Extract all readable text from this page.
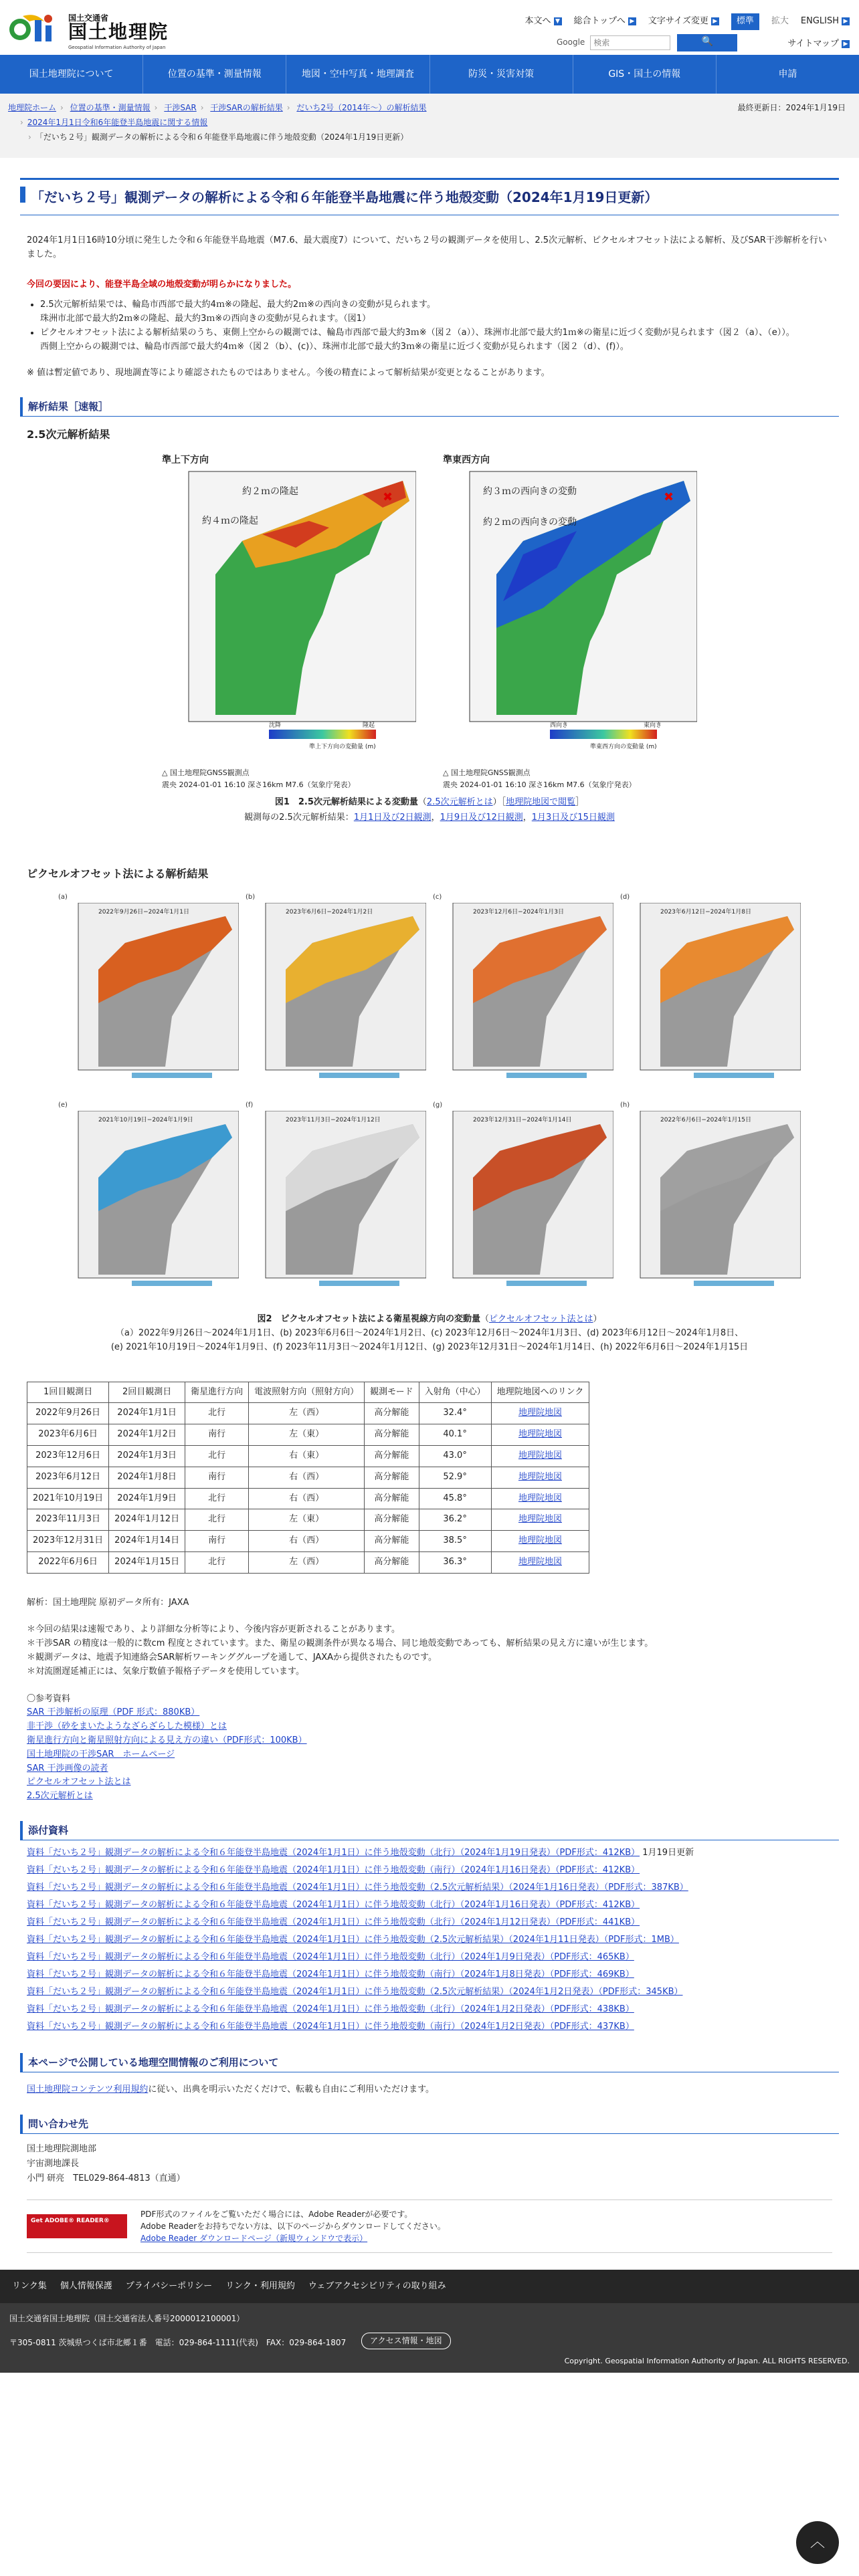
国土交通省
国土地理院
Geospatial Information Authority of Japan
本文へ ▼ 総合トップへ ▶ 文字サイズ変更 ▶	標準	拡大 ENGLISH ▶
Google
検索	🔍	サイトマップ ▶
国土地理院について	位置の基準・測量情報	地図・空中写真・地理調査	防災・災害対策	GIS・国土の情報	申請
地理院ホーム › 位置の基準・測量情報 › 干渉SAR › 干渉SARの解析結果 › だいち2号（2014年〜）の解析結果
› 2024年1月1日令和6年能登半島地震に関する情報
› 「だいち２号」観測データの解析による令和６年能登半島地震に伴う地殻変動（2024年1月19日更新）
最終更新日：2024年1月19日
「だいち２号」観測データの解析による令和６年能登半島地震に伴う地殻変動（2024年1月19日更新）

2024年1月1日16時10分頃に発生した令和６年能登半島地震（M7.6、最大震度7）について、だいち２号の観測データを使用し、2.5次元解析、ピクセルオフセット法による解析、及びSAR干渉解析を行いました。

今回の要因により、能登半島全域の地殻変動が明らかになりました。

• 2.5次元解析結果では、輪島市西部で最大約4ｍ※の隆起、最大約2ｍ※の西向きの変動が見られます。
珠洲市北部で最大約2ｍ※の隆起、最大約3ｍ※の西向きの変動が見られます。（図1）
• ピクセルオフセット法による解析結果のうち、東側上空からの観測では、輪島市西部で最大約3ｍ※（図２（a））、珠洲市北部で最大約1ｍ※の衛星に近づく変動が見られます（図２（a）、（e））。
西側上空からの観測では、輪島市西部で最大約4ｍ※（図２（b）、(c)）、珠洲市北部で最大約3ｍ※の衛星に近づく変動が見られます（図２（d）、(f)）。

※ 値は暫定値であり、現地調査等により確認されたものではありません。今後の精査によって解析結果が変更となることがあります。

解析結果［速報］
2.5次元解析結果
準上下方向
約２ｍの隆起
約４ｍの隆起
✖
準上下方向の変動量 (m)
沈降	隆起
△ 国土地理院GNSS観測点
震央 2024-01-01 16:10 深さ16km M7.6（気象庁発表）
準東西方向
約３ｍの西向きの変動
約２ｍの西向きの変動
✖
準東西方向の変動量 (m)
西向き	東向き
△ 国土地理院GNSS観測点
震央 2024-01-01 16:10 深さ16km M7.6（気象庁発表）
図1　2.5次元解析結果による変動量（2.5次元解析とは）［地理院地図で閲覧］
観測毎の2.5次元解析結果：1月1日及び2日観測，1月9日及び12日観測，1月3日及び15日観測
ピクセルオフセット法による解析結果
(a)
2022年9月26日−2024年1月1日
(b)
2023年6月6日−2024年1月2日
(c)
2023年12月6日−2024年1月3日
(d)
2023年6月12日−2024年1月8日
(e)
2021年10月19日−2024年1月9日
(f)
2023年11月3日−2024年1月12日
(g)
2023年12月31日−2024年1月14日
(h)
2022年6月6日−2024年1月15日
図2　ピクセルオフセット法による衛星視線方向の変動量（ピクセルオフセット法とは）
（a）2022年9月26日〜2024年1月1日、(b) 2023年6月6日〜2024年1月2日、(c) 2023年12月6日〜2024年1月3日、(d) 2023年6月12日〜2024年1月8日、
(e) 2021年10月19日〜2024年1月9日、(f) 2023年11月3日〜2024年1月12日、(g) 2023年12月31日〜2024年1月14日、(h) 2022年6月6日〜2024年1月15日
1回目観測日	2回目観測日	衛星進行方向	電波照射方向（照射方向）	観測モード	入射角（中心）	地理院地図へのリンク
2022年9月26日	2024年1月1日	北行	左（西）	高分解能	32.4°	地理院地図
2023年6月6日	2024年1月2日	南行	左（東）	高分解能	40.1°	地理院地図
2023年12月6日	2024年1月3日	北行	右（東）	高分解能	43.0°	地理院地図
2023年6月12日	2024年1月8日	南行	右（西）	高分解能	52.9°	地理院地図
2021年10月19日	2024年1月9日	北行	右（西）	高分解能	45.8°	地理院地図
2023年11月3日	2024年1月12日	北行	左（東）	高分解能	36.2°	地理院地図
2023年12月31日	2024年1月14日	南行	右（西）	高分解能	38.5°	地理院地図
2022年6月6日	2024年1月15日	北行	左（西）	高分解能	36.3°	地理院地図

解析：国土地理院 原初データ所有：JAXA

＊今回の結果は速報であり、より詳細な分析等により、今後内容が更新されることがあります。
＊干渉SAR の精度は一般的に数cm 程度とされています。また、衛星の観測条件が異なる場合、同じ地殻変動であっても、解析結果の見え方に違いが生じます。
＊観測データは、地震予知連絡会SAR解析ワーキンググループを通して、JAXAから提供されたものです。
＊対流圏遅延補正には、気象庁数値予報格子データを使用しています。
〇参考資料
SAR 干渉解析の原理（PDF 形式：880KB）
非干渉（砂をまいたようなざらざらした模様）とは
衛星進行方向と衛星照射方向による見え方の違い（PDF形式：100KB）
国土地理院の干渉SAR　ホームページ
SAR 干渉画像の読者
ピクセルオフセット法とは
2.5次元解析とは
添付資料
資料「だいち２号」観測データの解析による令和６年能登半島地震（2024年1月1日）に伴う地殻変動（北行）（2024年1月19日発表）（PDF形式：412KB） 1月19日更新
資料「だいち２号」観測データの解析による令和６年能登半島地震（2024年1月1日）に伴う地殻変動（南行）（2024年1月16日発表）（PDF形式：412KB）
資料「だいち２号」観測データの解析による令和６年能登半島地震（2024年1月1日）に伴う地殻変動（2.5次元解析結果）（2024年1月16日発表）（PDF形式：387KB）
資料「だいち２号」観測データの解析による令和６年能登半島地震（2024年1月1日）に伴う地殻変動（北行）（2024年1月16日発表）（PDF形式：412KB）
資料「だいち２号」観測データの解析による令和６年能登半島地震（2024年1月1日）に伴う地殻変動（北行）（2024年1月12日発表）（PDF形式：441KB）
資料「だいち２号」観測データの解析による令和６年能登半島地震（2024年1月1日）に伴う地殻変動（2.5次元解析結果）（2024年1月11日発表）（PDF形式：1MB）
資料「だいち２号」観測データの解析による令和６年能登半島地震（2024年1月1日）に伴う地殻変動（北行）（2024年1月9日発表）（PDF形式：465KB）
資料「だいち２号」観測データの解析による令和６年能登半島地震（2024年1月1日）に伴う地殻変動（南行）（2024年1月8日発表）（PDF形式：469KB）
資料「だいち２号」観測データの解析による令和６年能登半島地震（2024年1月1日）に伴う地殻変動（2.5次元解析結果）（2024年1月2日発表）（PDF形式：345KB）
資料「だいち２号」観測データの解析による令和６年能登半島地震（2024年1月1日）に伴う地殻変動（北行）（2024年1月2日発表）（PDF形式：438KB）
資料「だいち２号」観測データの解析による令和６年能登半島地震（2024年1月1日）に伴う地殻変動（南行）（2024年1月2日発表）（PDF形式：437KB）
本ページで公開している地理空間情報のご利用について

国土地理院コンテンツ利用規約に従い、出典を明示いただくだけで、転載も自由にご利用いただけます。

問い合わせ先
国土地理院測地部
宇宙測地課長
小門 研亮　TEL029-864-4813（直通）
Get ADOBE® READER®
PDF形式のファイルをご覧いただく場合には、Adobe Readerが必要です。
Adobe Readerをお持ちでない方は、以下のページからダウンロードしてください。
Adobe Reader ダウンロードページ（新規ウィンドウで表示）
リンク集 個人情報保護 プライバシーポリシー リンク・利用規約 ウェブアクセシビリティの取り組み
国土交通省国土地理院（国土交通省法人番号2000012100001）
〒305-0811 茨城県つくば市北郷１番　電話：029-864-1111(代表)　FAX：029-864-1807	アクセス情報・地図
Copyright. Geospatial Information Authority of Japan. ALL RIGHTS RESERVED.
︿
